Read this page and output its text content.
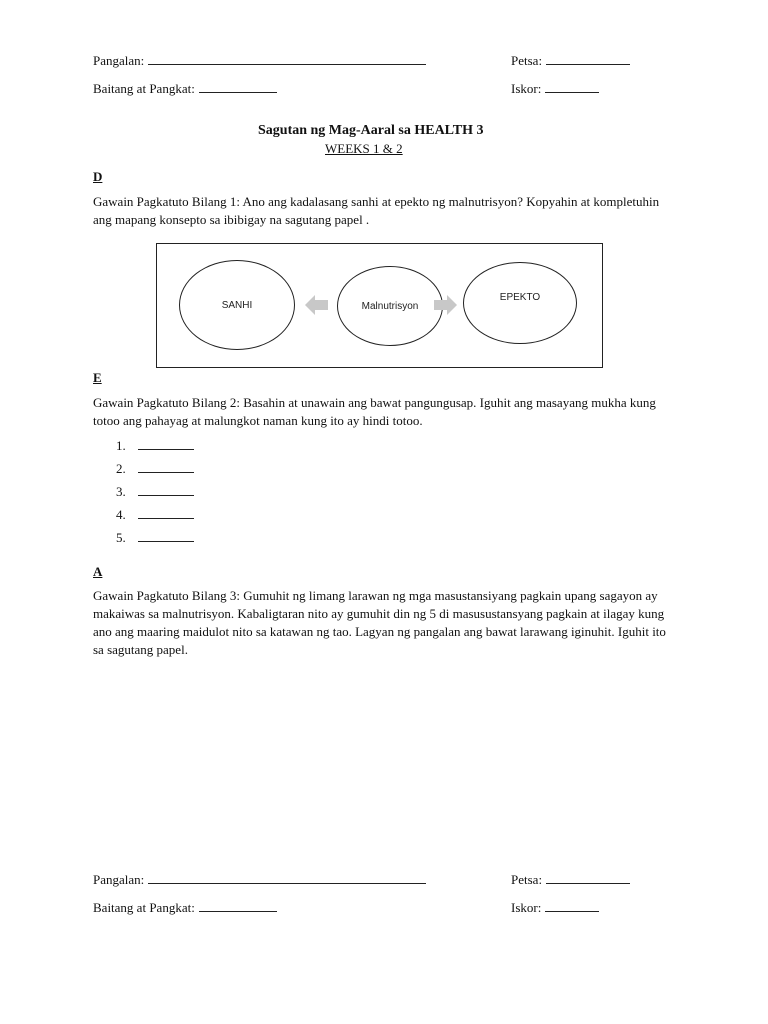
Pangalan:	Petsa:
Baitang at Pangkat:	Iskor:
Sagutan ng Mag-Aaral sa HEALTH 3
WEEKS 1 & 2
D
Gawain Pagkatuto Bilang 1: Ano ang kadalasang sanhi at epekto ng malnutrisyon? Kopyahin at kompletuhin ang mapang konsepto sa ibibigay na sagutang papel .
SANHI	Malnutrisyon
EPEKTO
E
Gawain Pagkatuto Bilang 2: Basahin at unawain ang bawat pangungusap. Iguhit ang masayang mukha kung totoo ang pahayag at malungkot naman kung ito ay hindi totoo.
1.
2.
3.
4.
5.
A
Gawain Pagkatuto Bilang 3: Gumuhit ng limang larawan ng mga masustansiyang pagkain upang sagayon ay makaiwas sa malnutrisyon. Kabaligtaran nito ay gumuhit din ng 5 di masusustansyang pagkain at ilagay kung ano ang maaring maidulot nito sa katawan ng tao. Lagyan ng pangalan ang bawat larawang iginuhit. Iguhit ito sa sagutang papel.
Pangalan:	Petsa:
Baitang at Pangkat:	Iskor:
